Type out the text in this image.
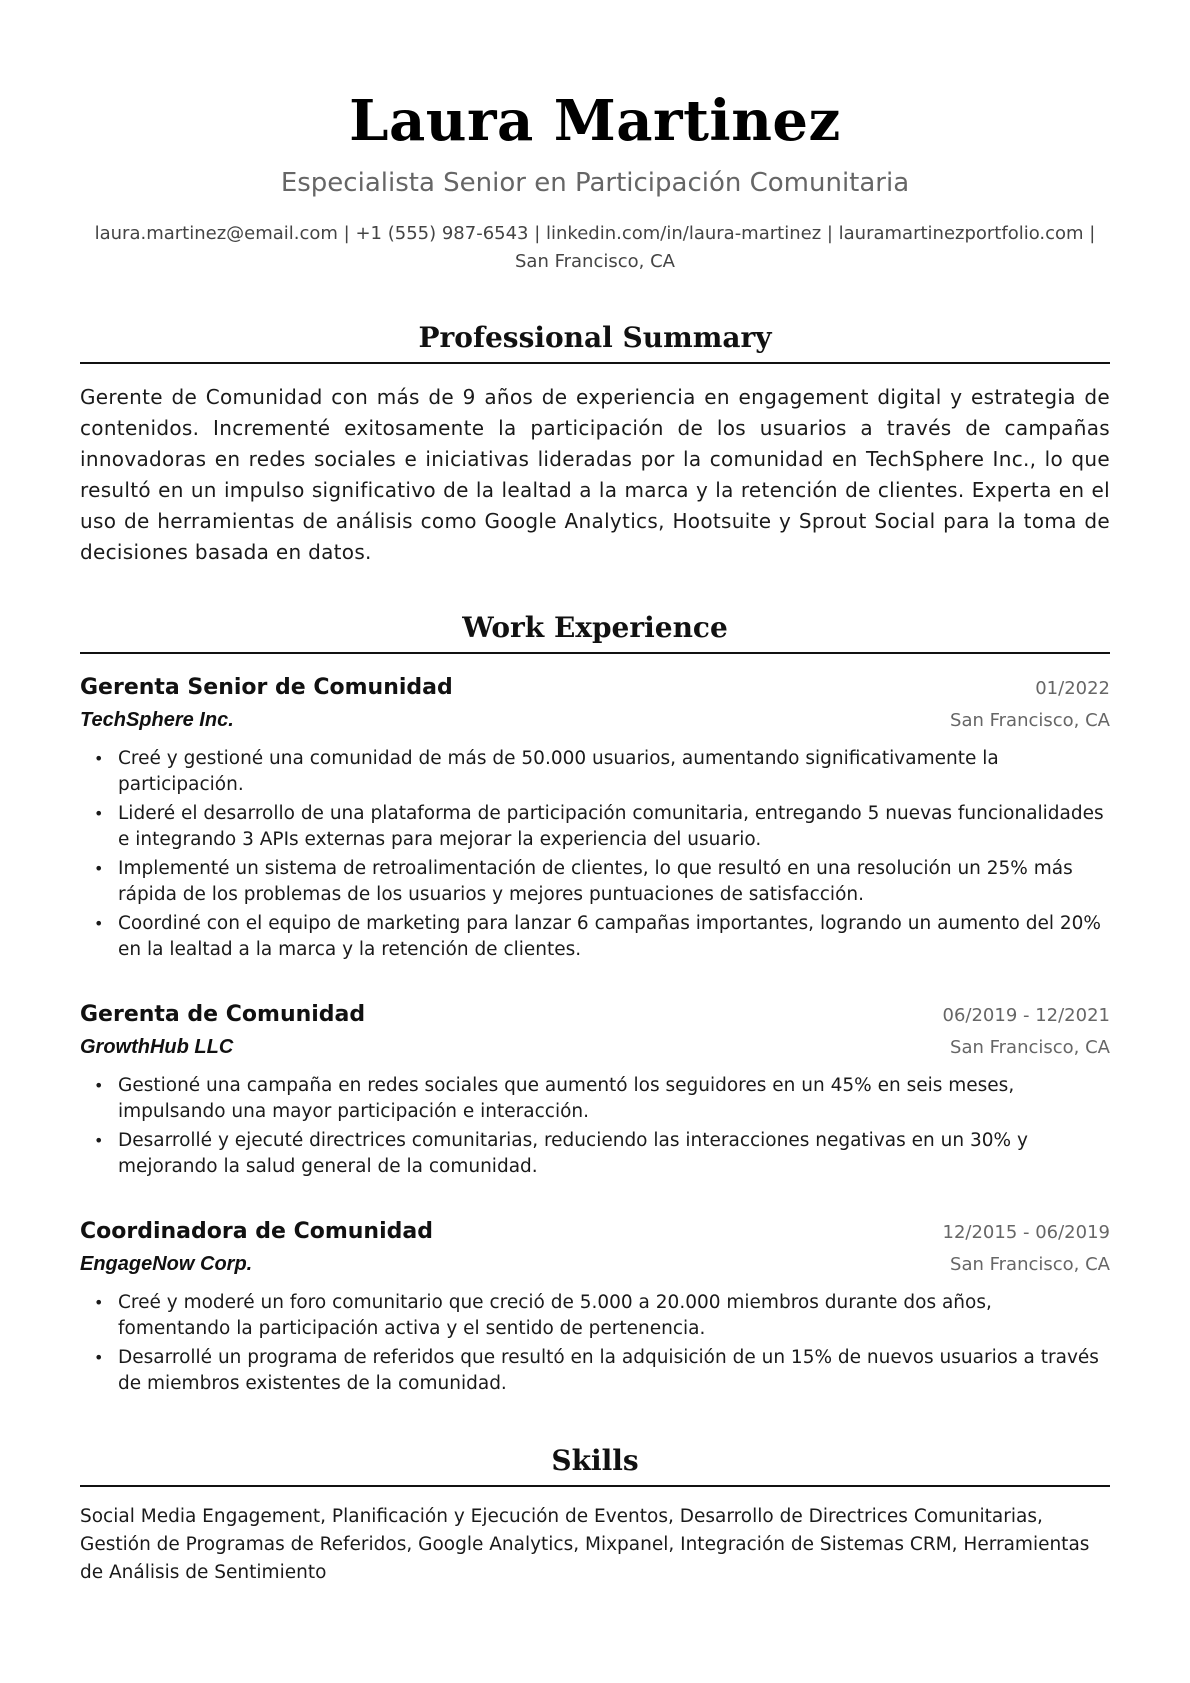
Laura Martinez
Especialista Senior en Participación Comunitaria
laura.martinez@email.com | +1 (555) 987-6543 | linkedin.com/in/laura-martinez | lauramartinezportfolio.com | San Francisco, CA
Professional Summary
Gerente de Comunidad con más de 9 años de experiencia en engagement digital y estrategia de contenidos. Incrementé exitosamente la participación de los usuarios a través de campañas innovadoras en redes sociales e iniciativas lideradas por la comunidad en TechSphere Inc., lo que resultó en un impulso significativo de la lealtad a la marca y la retención de clientes. Experta en el uso de herramientas de análisis como Google Analytics, Hootsuite y Sprout Social para la toma de decisiones basada en datos.
Work Experience
Gerenta Senior de Comunidad	01/2022
TechSphere Inc.	San Francisco, CA
• Creé y gestioné una comunidad de más de 50.000 usuarios, aumentando significativamente la participación.
• Lideré el desarrollo de una plataforma de participación comunitaria, entregando 5 nuevas funcionalidades e integrando 3 APIs externas para mejorar la experiencia del usuario.
• Implementé un sistema de retroalimentación de clientes, lo que resultó en una resolución un 25% más rápida de los problemas de los usuarios y mejores puntuaciones de satisfacción.
• Coordiné con el equipo de marketing para lanzar 6 campañas importantes, logrando un aumento del 20% en la lealtad a la marca y la retención de clientes.
Gerenta de Comunidad	06/2019 - 12/2021
GrowthHub LLC	San Francisco, CA
• Gestioné una campaña en redes sociales que aumentó los seguidores en un 45% en seis meses, impulsando una mayor participación e interacción.
• Desarrollé y ejecuté directrices comunitarias, reduciendo las interacciones negativas en un 30% y mejorando la salud general de la comunidad.
Coordinadora de Comunidad	12/2015 - 06/2019
EngageNow Corp.	San Francisco, CA
• Creé y moderé un foro comunitario que creció de 5.000 a 20.000 miembros durante dos años, fomentando la participación activa y el sentido de pertenencia.
• Desarrollé un programa de referidos que resultó en la adquisición de un 15% de nuevos usuarios a través de miembros existentes de la comunidad.
Skills
Social Media Engagement, Planificación y Ejecución de Eventos, Desarrollo de Directrices Comunitarias, Gestión de Programas de Referidos, Google Analytics, Mixpanel, Integración de Sistemas CRM, Herramientas de Análisis de Sentimiento
